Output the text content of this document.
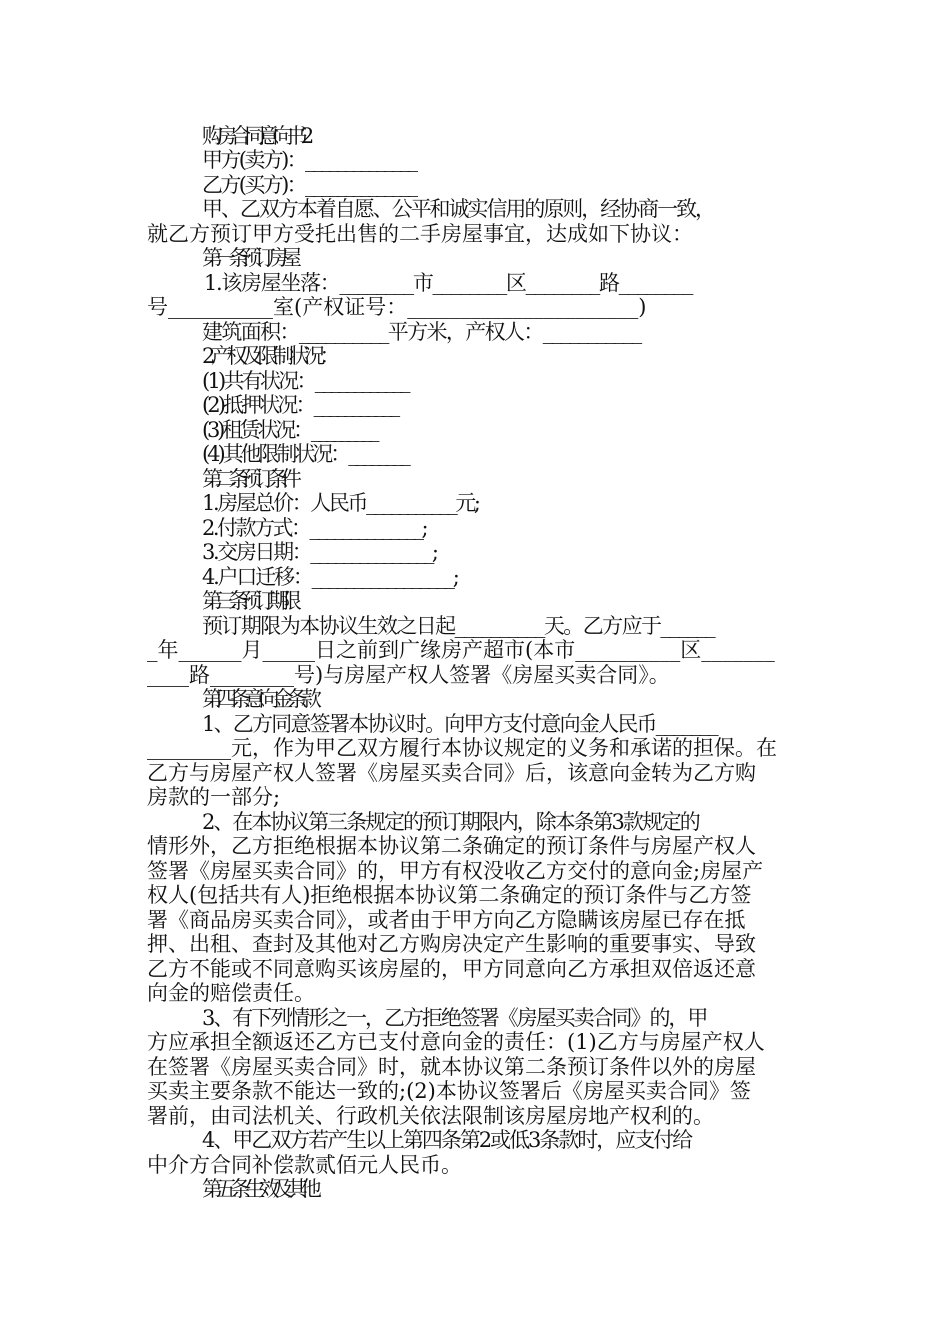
购房合同意向书2
甲方(卖方)：______________
乙方(买方)：______________
甲、乙双方本着自愿、公平和诚实信用的原则，经协商一致，
就乙方预订甲方受托出售的二手房屋事宜，达成如下协议：
第一条预订房屋
1.该房屋坐落：________市________区________路________
号__________室(产权证号：______________________)
建筑面积：__________平方米，产权人：___________
2.产权及限制状况：
(1)共有状况：____________
(2)抵押状况：___________
(3)租赁状况：_________
(4)其他限制状况：________
第二条预订条件
1.房屋总价：人民币___________元;
2.付款方式：______________;
3.交房日期：_______________;
4.户口迁移：_________________;
第三条预订期限
预订期限为本协议生效之日起__________天。乙方应于______
_年______月_____日之前到广缘房产超市(本市__________区_______
____路________号)与房屋产权人签署《房屋买卖合同》。
第四条意向金条款
1、乙方同意签署本协议时。向甲方支付意向金人民币_______
________元，作为甲乙双方履行本协议规定的义务和承诺的担保。在
乙方与房屋产权人签署《房屋买卖合同》后，该意向金转为乙方购
房款的一部分;
2、在本协议第三条规定的预订期限内，除本条第3款规定的
情形外，乙方拒绝根据本协议第二条确定的预订条件与房屋产权人
签署《房屋买卖合同》的，甲方有权没收乙方交付的意向金;房屋产
权人(包括共有人)拒绝根据本协议第二条确定的预订条件与乙方签
署《商品房买卖合同》，或者由于甲方向乙方隐瞒该房屋已存在抵
押、出租、查封及其他对乙方购房决定产生影响的重要事实、导致
乙方不能或不同意购买该房屋的，甲方同意向乙方承担双倍返还意
向金的赔偿责任。
3、有下列情形之一，乙方拒绝签署《房屋买卖合同》的，甲
方应承担全额返还乙方已支付意向金的责任：(1)乙方与房屋产权人
在签署《房屋买卖合同》时，就本协议第二条预订条件以外的房屋
买卖主要条款不能达一致的;(2)本协议签署后《房屋买卖合同》签
署前，由司法机关、行政机关依法限制该房屋房地产权利的。
4、甲乙双方若产生以上第四条第2或低3条款时，应支付给
中介方合同补偿款贰佰元人民币。
第五条生效及其他
